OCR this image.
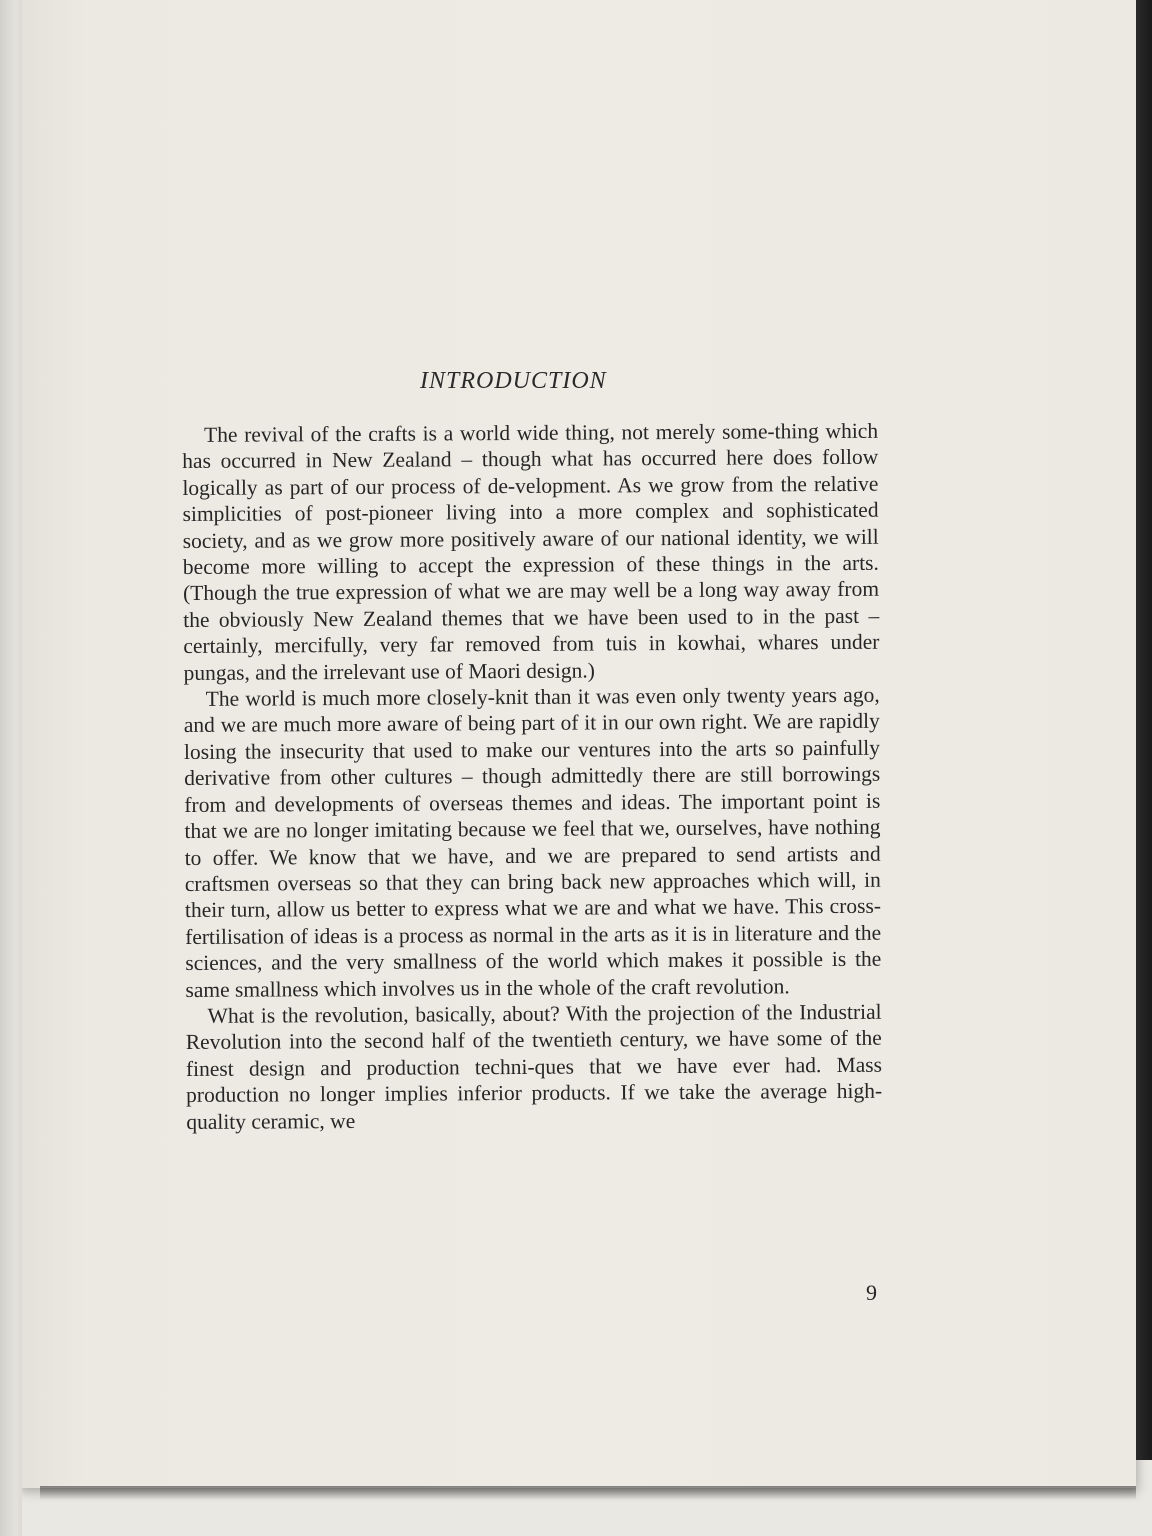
INTRODUCTION

The revival of the crafts is a world wide thing, not merely some-thing which has occurred in New Zealand – though what has occurred here does follow logically as part of our process of de-velopment. As we grow from the relative simplicities of post-pioneer living into a more complex and sophisticated society, and as we grow more positively aware of our national identity, we will become more willing to accept the expression of these things in the arts. (Though the true expression of what we are may well be a long way away from the obviously New Zealand themes that we have been used to in the past – certainly, mercifully, very far removed from tuis in kowhai, whares under pungas, and the irrelevant use of Maori design.)

The world is much more closely-knit than it was even only twenty years ago, and we are much more aware of being part of it in our own right. We are rapidly losing the insecurity that used to make our ventures into the arts so painfully derivative from other cultures – though admittedly there are still borrowings from and developments of overseas themes and ideas. The important point is that we are no longer imitating because we feel that we, ourselves, have nothing to offer. We know that we have, and we are prepared to send artists and craftsmen overseas so that they can bring back new approaches which will, in their turn, allow us better to express what we are and what we have. This cross-fertilisation of ideas is a process as normal in the arts as it is in literature and the sciences, and the very smallness of the world which makes it possible is the same smallness which involves us in the whole of the craft revolution.

What is the revolution, basically, about? With the projection of the Industrial Revolution into the second half of the twentieth century, we have some of the finest design and production techni-ques that we have ever had. Mass production no longer implies inferior products. If we take the average high-quality ceramic, we

9
